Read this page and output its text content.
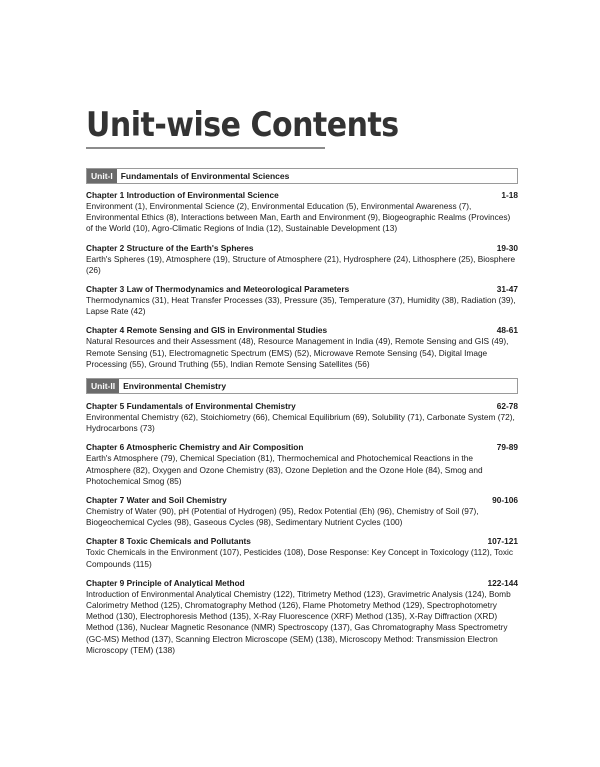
Unit-wise Contents
Unit-I Fundamentals of Environmental Sciences
Chapter 1 Introduction of Environmental Science	1-18
Environment (1), Environmental Science (2), Environmental Education (5), Environmental Awareness (7), Environmental Ethics (8), Interactions between Man, Earth and Environment (9), Biogeographic Realms (Provinces) of the World (10), Agro-Climatic Regions of India (12), Sustainable Development (13)
Chapter 2 Structure of the Earth's Spheres	19-30
Earth's Spheres (19), Atmosphere (19), Structure of Atmosphere (21), Hydrosphere (24), Lithosphere (25), Biosphere (26)
Chapter 3 Law of Thermodynamics and Meteorological Parameters	31-47
Thermodynamics (31), Heat Transfer Processes (33), Pressure (35), Temperature (37), Humidity (38), Radiation (39), Lapse Rate (42)
Chapter 4 Remote Sensing and GIS in Environmental Studies	48-61
Natural Resources and their Assessment (48), Resource Management in India (49), Remote Sensing and GIS (49), Remote Sensing (51), Electromagnetic Spectrum (EMS) (52), Microwave Remote Sensing (54), Digital Image Processing (55), Ground Truthing (55), Indian Remote Sensing Satellites (56)
Unit-II Environmental Chemistry
Chapter 5 Fundamentals of Environmental Chemistry	62-78
Environmental Chemistry (62), Stoichiometry (66), Chemical Equilibrium (69), Solubility (71), Carbonate System (72), Hydrocarbons (73)
Chapter 6 Atmospheric Chemistry and Air Composition	79-89
Earth's Atmosphere (79), Chemical Speciation (81), Thermochemical and Photochemical Reactions in the Atmosphere (82), Oxygen and Ozone Chemistry (83), Ozone Depletion and the Ozone Hole (84), Smog and Photochemical Smog (85)
Chapter 7 Water and Soil Chemistry	90-106
Chemistry of Water (90), pH (Potential of Hydrogen) (95), Redox Potential (Eh) (96), Chemistry of Soil (97), Biogeochemical Cycles (98), Gaseous Cycles (98), Sedimentary Nutrient Cycles (100)
Chapter 8 Toxic Chemicals and Pollutants	107-121
Toxic Chemicals in the Environment (107), Pesticides (108), Dose Response: Key Concept in Toxicology (112), Toxic Compounds (115)
Chapter 9 Principle of Analytical Method	122-144
Introduction of Environmental Analytical Chemistry (122), Titrimetry Method (123), Gravimetric Analysis (124), Bomb Calorimetry Method (125), Chromatography Method (126), Flame Photometry Method (129), Spectrophotometry Method (130), Electrophoresis Method (135), X-Ray Fluorescence (XRF) Method (135), X-Ray Diffraction (XRD) Method (136), Nuclear Magnetic Resonance (NMR) Spectroscopy (137), Gas Chromatography Mass Spectrometry (GC-MS) Method (137), Scanning Electron Microscope (SEM) (138), Microscopy Method: Transmission Electron Microscopy (TEM) (138)
